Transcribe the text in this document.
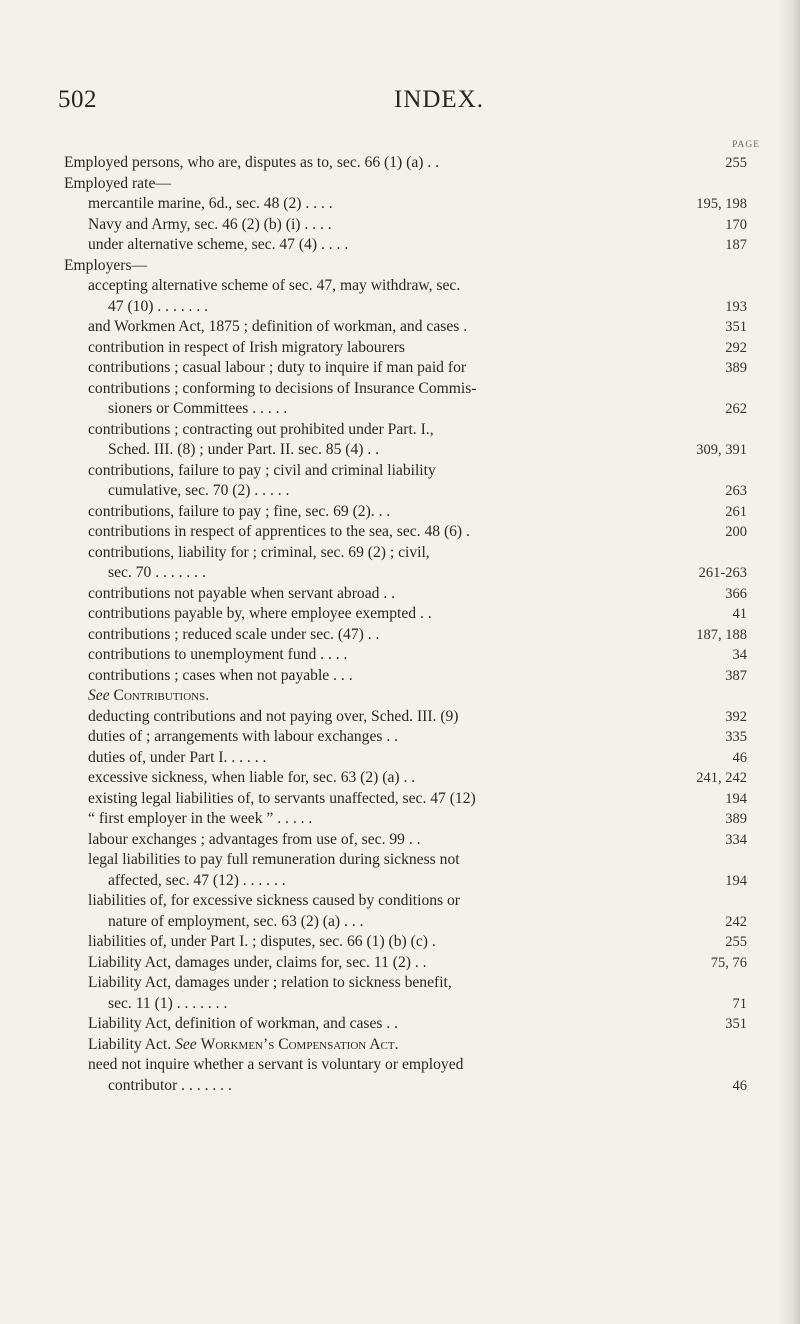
502	INDEX.
PAGE
Employed persons, who are, disputes as to, sec. 66 (1) (a) . .	255
Employed rate—
mercantile marine, 6d., sec. 48 (2) . . . .	195, 198
Navy and Army, sec. 46 (2) (b) (i) . . . .	170
under alternative scheme, sec. 47 (4) . . . .	187
Employers—
accepting alternative scheme of sec. 47, may withdraw, sec.
47 (10) . . . . . . .	193
and Workmen Act, 1875 ; definition of workman, and cases .	351
contribution in respect of Irish migratory labourers	292
contributions ; casual labour ; duty to inquire if man paid for	389
contributions ; conforming to decisions of Insurance Commis-
sioners or Committees . . . . .	262
contributions ; contracting out prohibited under Part. I.,
Sched. III. (8) ; under Part. II. sec. 85 (4) . .	309, 391
contributions, failure to pay ; civil and criminal liability
cumulative, sec. 70 (2) . . . . .	263
contributions, failure to pay ; fine, sec. 69 (2). . .	261
contributions in respect of apprentices to the sea, sec. 48 (6) .	200
contributions, liability for ; criminal, sec. 69 (2) ; civil,
sec. 70 . . . . . . .	261-263
contributions not payable when servant abroad . .	366
contributions payable by, where employee exempted . .	41
contributions ; reduced scale under sec. (47) . .	187, 188
contributions to unemployment fund . . . .	34
contributions ; cases when not payable . . .	387
See Contributions.
deducting contributions and not paying over, Sched. III. (9)	392
duties of ; arrangements with labour exchanges . .	335
duties of, under Part I. . . . . .	46
excessive sickness, when liable for, sec. 63 (2) (a) . .	241, 242
existing legal liabilities of, to servants unaffected, sec. 47 (12)	194
“ first employer in the week ” . . . . .	389
labour exchanges ; advantages from use of, sec. 99 . .	334
legal liabilities to pay full remuneration during sickness not
affected, sec. 47 (12) . . . . . .	194
liabilities of, for excessive sickness caused by conditions or
nature of employment, sec. 63 (2) (a) . . .	242
liabilities of, under Part I. ; disputes, sec. 66 (1) (b) (c) .	255
Liability Act, damages under, claims for, sec. 11 (2) . .	75, 76
Liability Act, damages under ; relation to sickness benefit,
sec. 11 (1) . . . . . . .	71
Liability Act, definition of workman, and cases . .	351
Liability Act. See Workmen’s Compensation Act.
need not inquire whether a servant is voluntary or employed
contributor . . . . . . .	46
